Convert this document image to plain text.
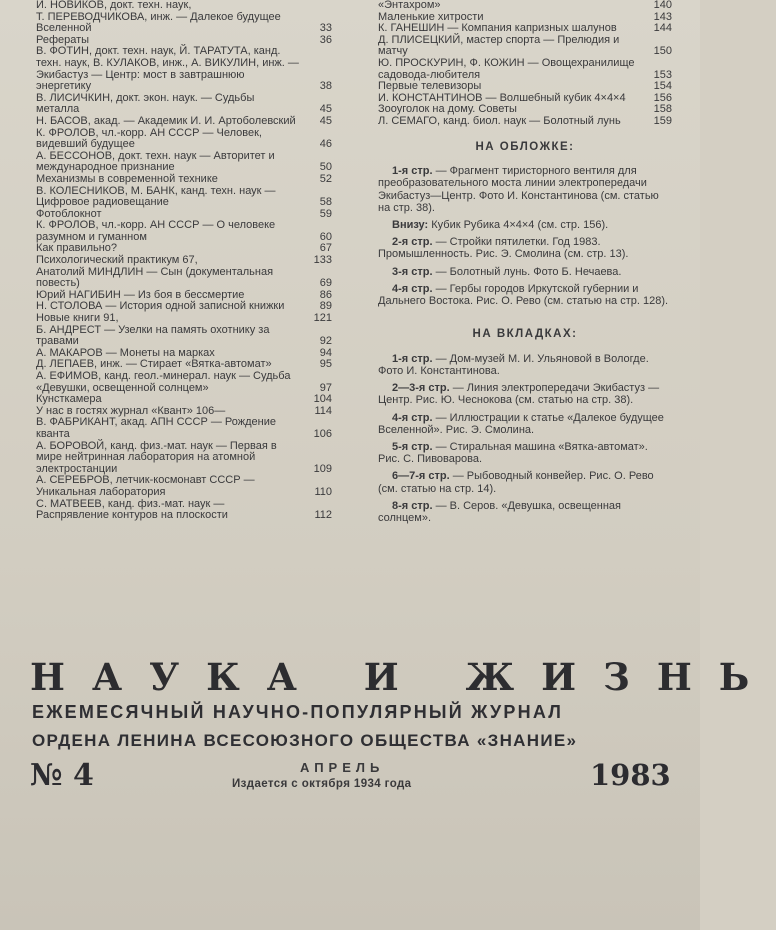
И. НОВИКОВ, докт. техн. наук,
Т. ПЕРЕВОДЧИКОВА, инж. — Далекое будущее Вселенной	33
Рефераты	36
В. ФОТИН, докт. техн. наук, Й. ТАРАТУТА, канд. техн. наук, В. КУЛАКОВ, инж., А. ВИКУЛИН, инж. — Экибастуз — Центр: мост в завтрашнюю энергетику	38
В. ЛИСИЧКИН, докт. экон. наук. — Судьбы металла	45
Н. БАСОВ, акад. — Академик И. И. Артоболевский	45
К. ФРОЛОВ, чл.-корр. АН СССР — Человек, видевший будущее	46
А. БЕССОНОВ, докт. техн. наук — Авторитет и международное признание	50
Механизмы в современной технике	52
В. КОЛЕСНИКОВ, М. БАНК, канд. техн. наук — Цифровое радиовещание	58
Фотоблокнот	59
К. ФРОЛОВ, чл.-корр. АН СССР — О человеке разумном и гуманном	60
Как правильно?	67
Психологический практикум 67,	133
Анатолий МИНДЛИН — Сын (документальная повесть)	69
Юрий НАГИБИН — Из боя в бессмертие	86
Н. СТОЛОВА — История одной записной книжки	89
Новые книги 91,	121
Б. АНДРЕСТ — Узелки на память охотнику за травами	92
А. МАКАРОВ — Монеты на марках	94
Д. ЛЕПАЕВ, инж. — Стирает «Вятка-автомат»	95
А. ЕФИМОВ, канд. геол.-минерал. наук — Судьба «Девушки, освещенной солнцем»	97
Кунсткамера	104
У нас в гостях журнал «Квант» 106—	114
В. ФАБРИКАНТ, акад. АПН СССР — Рождение кванта	106
А. БОРОВОЙ, канд. физ.-мат. наук — Первая в мире нейтринная лаборатория на атомной электростанции	109
А. СЕРЕБРОВ, летчик-космонавт СССР — Уникальная лаборатория	110
С. МАТВЕЕВ, канд. физ.-мат. наук — Распрявление контуров на плоскости	112
«Энтахром»	140
Маленькие хитрости	143
К. ГАНЕШИН — Компания капризных шалунов	144
Д. ПЛИСЕЦКИЙ, мастер спорта — Прелюдия и матчу	150
Ю. ПРОСКУРИН, Ф. КОЖИН — Овощехранилище садовода-любителя	153
Первые телевизоры	154
И. КОНСТАНТИНОВ — Волшебный кубик 4×4×4	156
Зооуголок на дому. Советы	158
Л. СЕМАГО, канд. биол. наук — Болотный лунь	159
НА ОБЛОЖКЕ:
1-я стр. — Фрагмент тиристорного вентиля для преобразовательного моста линии электропередачи Экибастуз—Центр. Фото И. Константинова (см. статью на стр. 38).
Внизу: Кубик Рубика 4×4×4 (см. стр. 156).
2-я стр. — Стройки пятилетки. Год 1983. Промышленность. Рис. Э. Смолина (см. стр. 13).
3-я стр. — Болотный лунь. Фото Б. Нечаева.
4-я стр. — Гербы городов Иркутской губернии и Дальнего Востока. Рис. О. Рево (см. статью на стр. 128).
НА ВКЛАДКАХ:
1-я стр. — Дом-музей М. И. Ульяновой в Вологде. Фото И. Константинова.
2—3-я стр. — Линия электропередачи Экибастуз — Центр. Рис. Ю. Чеснокова (см. статью на стр. 38).
4-я стр. — Иллюстрации к статье «Далекое будущее Вселенной». Рис. Э. Смолина.
5-я стр. — Стиральная машина «Вятка-автомат». Рис. С. Пивоварова.
6—7-я стр. — Рыбоводный конвейер. Рис. О. Рево (см. статью на стр. 14).
8-я стр. — В. Серов. «Девушка, освещенная солнцем».
НАУКА И ЖИЗНЬ
ЕЖЕМЕСЯЧНЫЙ НАУЧНО-ПОПУЛЯРНЫЙ ЖУРНАЛ
ОРДЕНА ЛЕНИНА ВСЕСОЮЗНОГО ОБЩЕСТВА «ЗНАНИЕ»
№ 4	АПРЕЛЬ
Издается с октября 1934 года	1983
